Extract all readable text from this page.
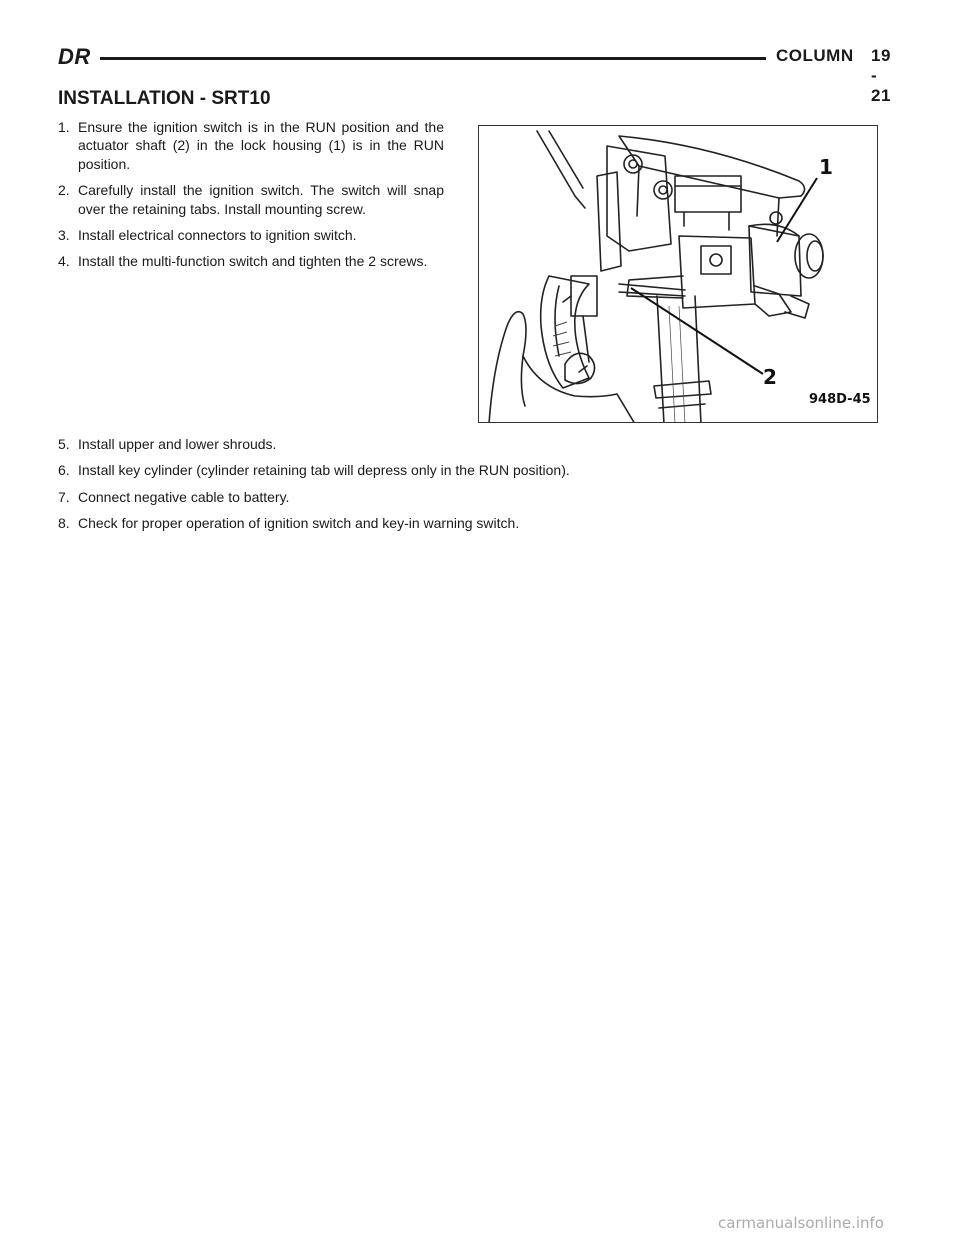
DR	COLUMN 19 - 21
INSTALLATION - SRT10
1. Ensure the ignition switch is in the RUN position and the actuator shaft (2) in the lock housing (1) is in the RUN position.
2. Carefully install the ignition switch. The switch will snap over the retaining tabs. Install mounting screw.
3. Install electrical connectors to ignition switch.
4. Install the multi-function switch and tighten the 2 screws.
1
2
948D-45
5. Install upper and lower shrouds.
6. Install key cylinder (cylinder retaining tab will depress only in the RUN position).
7. Connect negative cable to battery.
8. Check for proper operation of ignition switch and key-in warning switch.
carmanualsonline.info
